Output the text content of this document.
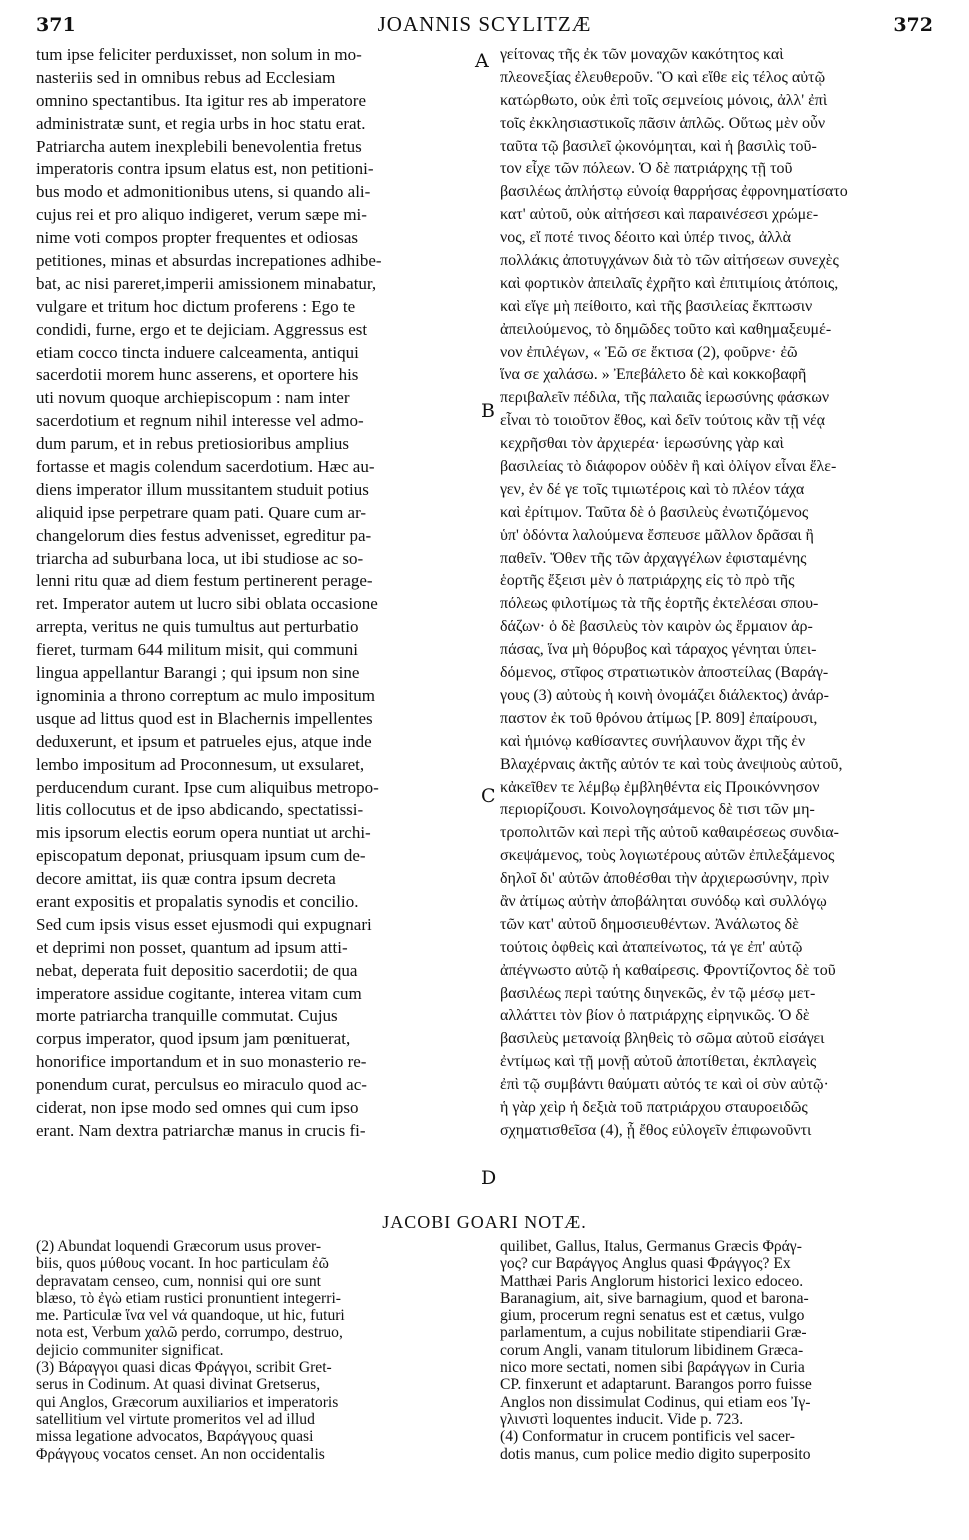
371	JOANNIS SCYLITZÆ	372
tum ipse feliciter perduxisset, non solum in mo-
nasteriis sed in omnibus rebus ad Ecclesiam
omnino spectantibus. Ita igitur res ab imperatore
administratæ sunt, et regia urbs in hoc statu erat.
Patriarcha autem inexplebili benevolentia fretus
imperatoris contra ipsum elatus est, non petitioni-
bus modo et admonitionibus utens, si quando ali-
cujus rei et pro aliquo indigeret, verum sæpe mi-
nime voti compos propter frequentes et odiosas
petitiones, minas et absurdas increpationes adhibe-
bat, ac nisi pareret,imperii amissionem minabatur,
vulgare et tritum hoc dictum proferens : Ego te
condidi, furne, ergo et te dejiciam. Aggressus est
etiam cocco tincta induere calceamenta, antiqui
sacerdotii morem hunc asserens, et oportere his
uti novum quoque archiepiscopum : nam inter
sacerdotium et regnum nihil interesse vel admo-
dum parum, et in rebus pretiosioribus amplius
fortasse et magis colendum sacerdotium. Hæc au-
diens imperator illum mussitantem studuit potius
aliquid ipse perpetrare quam pati. Quare cum ar-
changelorum dies festus advenisset, egreditur pa-
triarcha ad suburbana loca, ut ibi studiose ac so-
lenni ritu quæ ad diem festum pertinerent perage-
ret. Imperator autem ut lucro sibi oblata occasione
arrepta, veritus ne quis tumultus aut perturbatio
fieret, turmam 644 militum misit, qui communi
lingua appellantur Barangi ; qui ipsum non sine
ignominia a throno correptum ac mulo impositum
usque ad littus quod est in Blachernis impellentes
deduxerunt, et ipsum et patrueles ejus, atque inde
lembo impositum ad Proconnesum, ut exsularet,
perducendum curant. Ipse cum aliquibus metropo-
litis collocutus et de ipso abdicando, spectatissi-
mis ipsorum electis eorum opera nuntiat ut archi-
episcopatum deponat, priusquam ipsum cum de-
decore amittat, iis quæ contra ipsum decreta
erant expositis et propalatis synodis et concilio.
Sed cum ipsis visus esset ejusmodi qui expugnari
et deprimi non posset, quantum ad ipsum atti-
nebat, deperata fuit depositio sacerdotii; de qua
imperatore assidue cogitante, interea vitam cum
morte patriarcha tranquille commutat. Cujus
corpus imperator, quod ipsum jam pœnituerat,
honorifice importandum et in suo monasterio re-
ponendum curat, perculsus eo miraculo quod ac-
ciderat, non ipse modo sed omnes qui cum ipso
erant. Nam dextra patriarchæ manus in crucis fi-
γείτονας τῆς ἐκ τῶν μοναχῶν κακότητος καὶ
πλεονεξίας ἐλευθεροῦν. Ὃ καὶ εἴθε εἰς τέλος αὐτῷ
κατώρθωτο, οὐκ ἐπὶ τοῖς σεμνείοις μόνοις, ἀλλ' ἐπὶ
τοῖς ἐκκλησιαστικοῖς πᾶσιν ἁπλῶς. Οὕτως μὲν οὖν
ταῦτα τῷ βασιλεῖ ᾠκονόμηται, καὶ ἡ βασιλὶς τοῦ-
τον εἶχε τῶν πόλεων. Ὁ δὲ πατριάρχης τῇ τοῦ
βασιλέως ἀπλήστῳ εὐνοίᾳ θαρρήσας ἐφρονηματίσατο
κατ' αὐτοῦ, οὐκ αἰτήσεσι καὶ παραινέσεσι χρώμε-
νος, εἴ ποτέ τινος δέοιτο καὶ ὑπέρ τινος, ἀλλὰ
πολλάκις ἀποτυγχάνων διὰ τὸ τῶν αἰτήσεων συνεχὲς
καὶ φορτικὸν ἀπειλαῖς ἐχρῆτο καὶ ἐπιτιμίοις ἀτόποις,
καὶ εἴγε μὴ πείθοιτο, καὶ τῆς βασιλείας ἔκπτωσιν
ἀπειλούμενος, τὸ δημῶδες τοῦτο καὶ καθημαξευμέ-
νον ἐπιλέγων, « Ἐῶ σε ἔκτισα (2), φοῦρνε· ἐῶ
ἵνα σε χαλάσω. » Ἐπεβάλετο δὲ καὶ κοκκοβαφῆ
περιβαλεῖν πέδιλα, τῆς παλαιᾶς ἱερωσύνης φάσκων
εἶναι τὸ τοιοῦτον ἔθος, καὶ δεῖν τούτοις κἂν τῇ νέᾳ
κεχρῆσθαι τὸν ἀρχιερέα· ἱερωσύνης γὰρ καὶ
βασιλείας τὸ διάφορον οὐδὲν ἢ καὶ ὀλίγον εἶναι ἔλε-
γεν, ἐν δέ γε τοῖς τιμιωτέροις καὶ τὸ πλέον τάχα
καὶ ἐρίτιμον. Ταῦτα δὲ ὁ βασιλεὺς ἐνωτιζόμενος
ὑπ' ὀδόντα λαλούμενα ἔσπευσε μᾶλλον δρᾶσαι ἢ
παθεῖν. Ὅθεν τῆς τῶν ἀρχαγγέλων ἐφισταμένης
ἑορτῆς ἔξεισι μὲν ὁ πατριάρχης εἰς τὸ πρὸ τῆς
πόλεως φιλοτίμως τὰ τῆς ἑορτῆς ἐκτελέσαι σπου-
δάζων· ὁ δὲ βασιλεὺς τὸν καιρὸν ὡς ἕρμαιον ἁρ-
πάσας, ἵνα μὴ θόρυβος καὶ τάραχος γένηται ὑπει-
δόμενος, στῖφος στρατιωτικὸν ἀποστείλας (Βαράγ-
γους (3) αὐτοὺς ἡ κοινὴ ὀνομάζει διάλεκτος) ἀνάρ-
παστον ἐκ τοῦ θρόνου ἀτίμως [P. 809] ἐπαίρουσι,
καὶ ἡμιόνῳ καθίσαντες συνήλαυνον ἄχρι τῆς ἐν
Βλαχέρναις ἀκτῆς αὐτόν τε καὶ τοὺς ἀνεψιοὺς αὐτοῦ,
κἀκεῖθεν τε λέμβῳ ἐμβληθέντα εἰς Προικόννησον
περιορίζουσι. Κοινολογησάμενος δὲ τισι τῶν μη-
τροπολιτῶν καὶ περὶ τῆς αὐτοῦ καθαιρέσεως συνδια-
σκεψάμενος, τοὺς λογιωτέρους αὐτῶν ἐπιλεξάμενος
δηλοῖ δι' αὐτῶν ἀποθέσθαι τὴν ἀρχιερωσύνην, πρὶν
ἂν ἀτίμως αὐτὴν ἀποβάληται συνόδῳ καὶ συλλόγῳ
τῶν κατ' αὐτοῦ δημοσιευθέντων. Ἀνάλωτος δὲ
τούτοις ὀφθεὶς καὶ ἀταπείνωτος, τά γε ἐπ' αὐτῷ
ἀπέγνωστο αὐτῷ ἡ καθαίρεσις. Φροντίζοντος δὲ τοῦ
βασιλέως περὶ ταύτης διηνεκῶς, ἐν τῷ μέσῳ μετ-
αλλάττει τὸν βίον ὁ πατριάρχης εἰρηνικῶς. Ὁ δὲ
βασιλεὺς μετανοίᾳ βληθεὶς τὸ σῶμα αὐτοῦ εἰσάγει
ἐντίμως καὶ τῇ μονῇ αὐτοῦ ἀποτίθεται, ἐκπλαγεὶς
ἐπὶ τῷ συμβάντι θαύματι αὐτός τε καὶ οἱ σὺν αὐτῷ·
ἡ γὰρ χεὶρ ἡ δεξιὰ τοῦ πατριάρχου σταυροειδῶς
σχηματισθεῖσα (4), ᾗ ἔθος εὐλογεῖν ἐπιφωνοῦντι
A
B
C
D
JACOBI GOARI NOTÆ.
(2) Abundat loquendi Græcorum usus prover-
biis, quos μύθους vocant. In hoc particulam ἐῶ
depravatam censeo, cum, nonnisi qui ore sunt
blæso, τὸ ἐγὼ etiam rustici pronuntient integerri-
me. Particulæ ἵνα vel νά quandoque, ut hic, futuri
nota est, Verbum χαλῶ perdo, corrumpo, destruo,
dejicio communiter significat.
(3) Βάραγγοι quasi dicas Φράγγοι, scribit Gret-
serus in Codinum. At quasi divinat Gretserus,
qui Anglos, Græcorum auxiliarios et imperatoris
satellitium vel virtute promeritos vel ad illud
missa legatione advocatos, Βαράγγους quasi
Φράγγους vocatos censet. An non occidentalis
quilibet, Gallus, Italus, Germanus Græcis Φράγ-
γος? cur Βαράγγος Anglus quasi Φράγγος? Ex
Matthæi Paris Anglorum historici lexico edoceo.
Baranagium, ait, sive barnagium, quod et barona-
gium, procerum regni senatus est et cætus, vulgo
parlamentum, a cujus nobilitate stipendiarii Græ-
corum Angli, vanam titulorum libidinem Græca-
nico more sectati, nomen sibi βαράγγων in Curia
CP. finxerunt et adaptarunt. Barangos porro fuisse
Anglos non dissimulat Codinus, qui etiam eos Ἰγ-
γλινιστὶ loquentes inducit. Vide p. 723.
(4) Conformatur in crucem pontificis vel sacer-
dotis manus, cum police medio digito superposito
